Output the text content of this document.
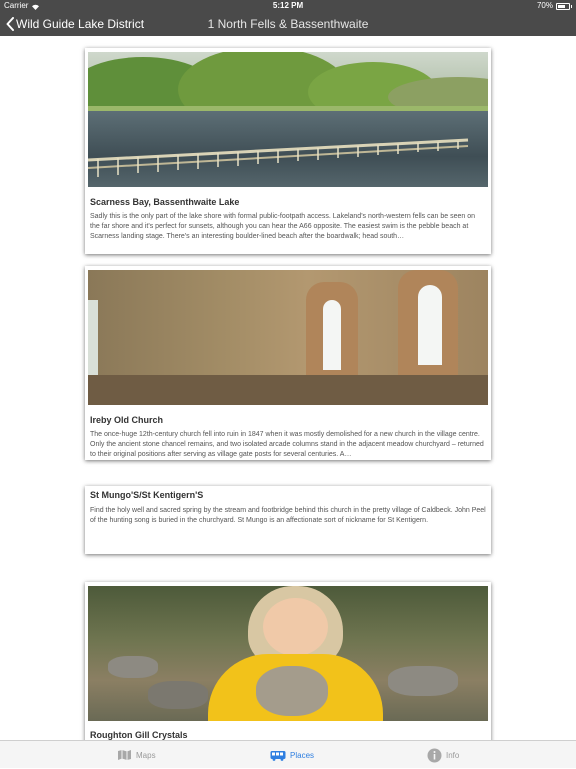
Carrier	5:12 PM	70%
Wild Guide Lake District	1 North Fells & Bassenthwaite
Scarness Bay, Bassenthwaite Lake
Sadly this is the only part of the lake shore with formal public-footpath access. Lakeland's north-western fells can be seen on the far shore and it's perfect for sunsets, although you can hear the A66 opposite. The easiest swim is the pebble beach at Scarness landing stage. There's an interesting boulder-lined beach after the boardwalk; head south…
Ireby Old Church
The once-huge 12th-century church fell into ruin in 1847 when it was mostly demolished for a new church in the village centre. Only the ancient stone chancel remains, and two isolated arcade columns stand in the adjacent meadow churchyard – returned to their original positions after serving as village gate posts for several centuries. A…
St Mungo'S/St Kentigern'S
Find the holy well and sacred spring by the stream and footbridge behind this church in the pretty village of Caldbeck. John Peel of the hunting song is buried in the churchyard. St Mungo is an affectionate sort of nickname for St Kentigern.
Roughton Gill Crystals
Maps	Places	Info
